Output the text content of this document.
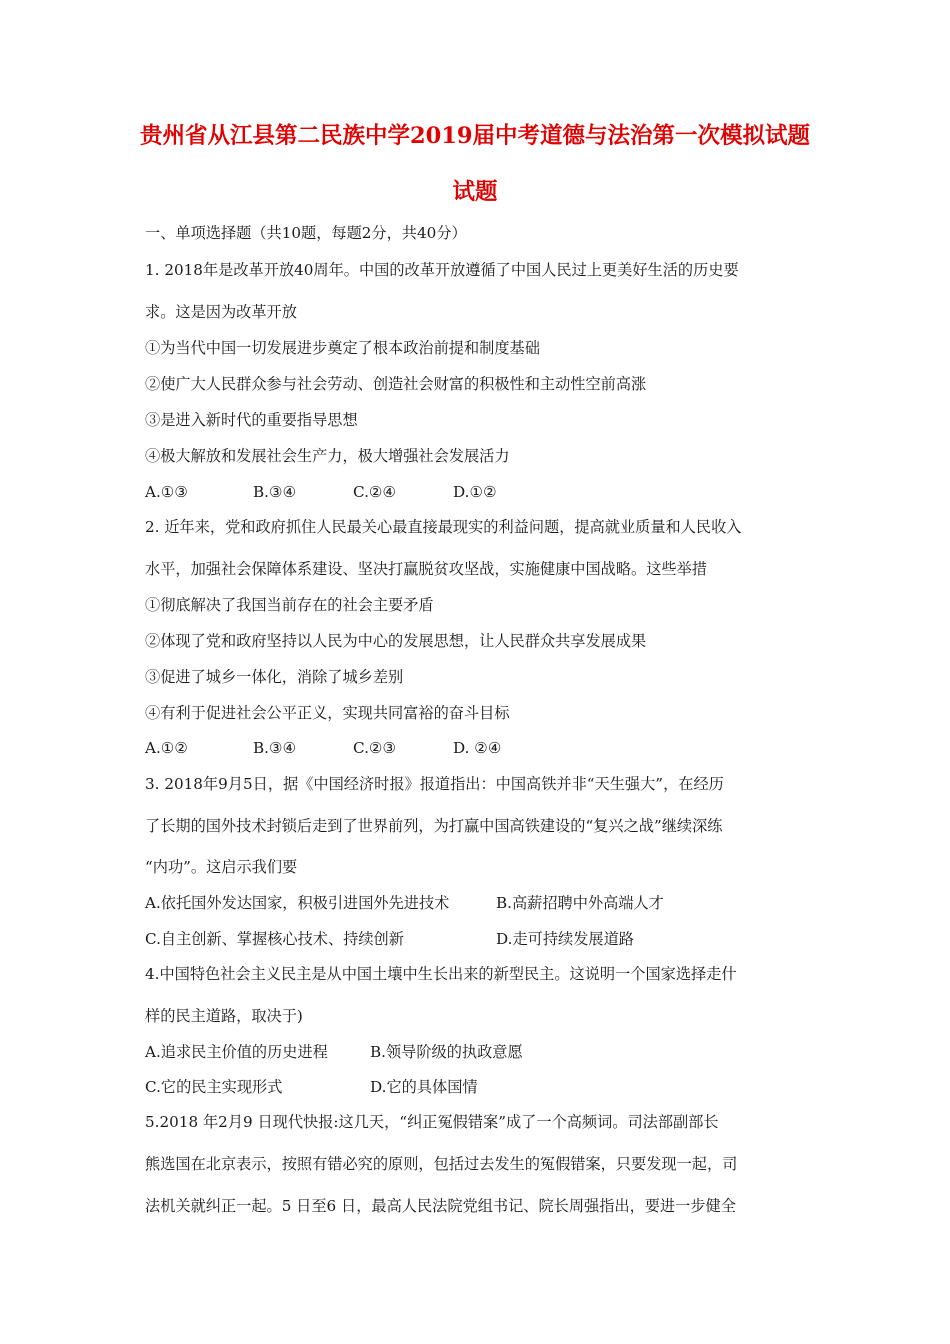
贵州省从江县第二民族中学2019届中考道德与法治第一次模拟试题
试题
一、单项选择题（共10题，每题2分，共40分）
1. 2018年是改革开放40周年。中国的改革开放遵循了中国人民过上更美好生活的历史要
求。这是因为改革开放
①为当代中国一切发展进步奠定了根本政治前提和制度基础
②使广大人民群众参与社会劳动、创造社会财富的积极性和主动性空前高涨
③是进入新时代的重要指导思想
④极大解放和发展社会生产力，极大增强社会发展活力
A.①③	B.③④	C.②④	D.①②
2. 近年来，党和政府抓住人民最关心最直接最现实的利益问题，提高就业质量和人民收入
水平，加强社会保障体系建设、坚决打赢脱贫攻坚战，实施健康中国战略。这些举措
①彻底解决了我国当前存在的社会主要矛盾
②体现了党和政府坚持以人民为中心的发展思想，让人民群众共享发展成果
③促进了城乡一体化，消除了城乡差别
④有利于促进社会公平正义，实现共同富裕的奋斗目标
A.①②	B.③④	C.②③	D. ②④
3. 2018年9月5日，据《中国经济时报》报道指出：中国高铁并非“天生强大”，在经历
了长期的国外技术封锁后走到了世界前列，为打赢中国高铁建设的“复兴之战”继续深练
“内功”。这启示我们要
A.依托国外发达国家，积极引进国外先进技术	B.高薪招聘中外高端人才
C.自主创新、掌握核心技术、持续创新	D.走可持续发展道路
4.中国特色社会主义民主是从中国土壤中生长出来的新型民主。这说明一个国家选择走什
样的民主道路，取决于)
A.追求民主价值的历史进程	B.领导阶级的执政意愿
C.它的民主实现形式	D.它的具体国情
5.2018 年2月9 日现代快报:这几天，“纠正冤假错案”成了一个高频词。司法部副部长
熊选国在北京表示，按照有错必究的原则，包括过去发生的冤假错案，只要发现一起，司
法机关就纠正一起。5 日至6 日，最高人民法院党组书记、院长周强指出，要进一步健全
